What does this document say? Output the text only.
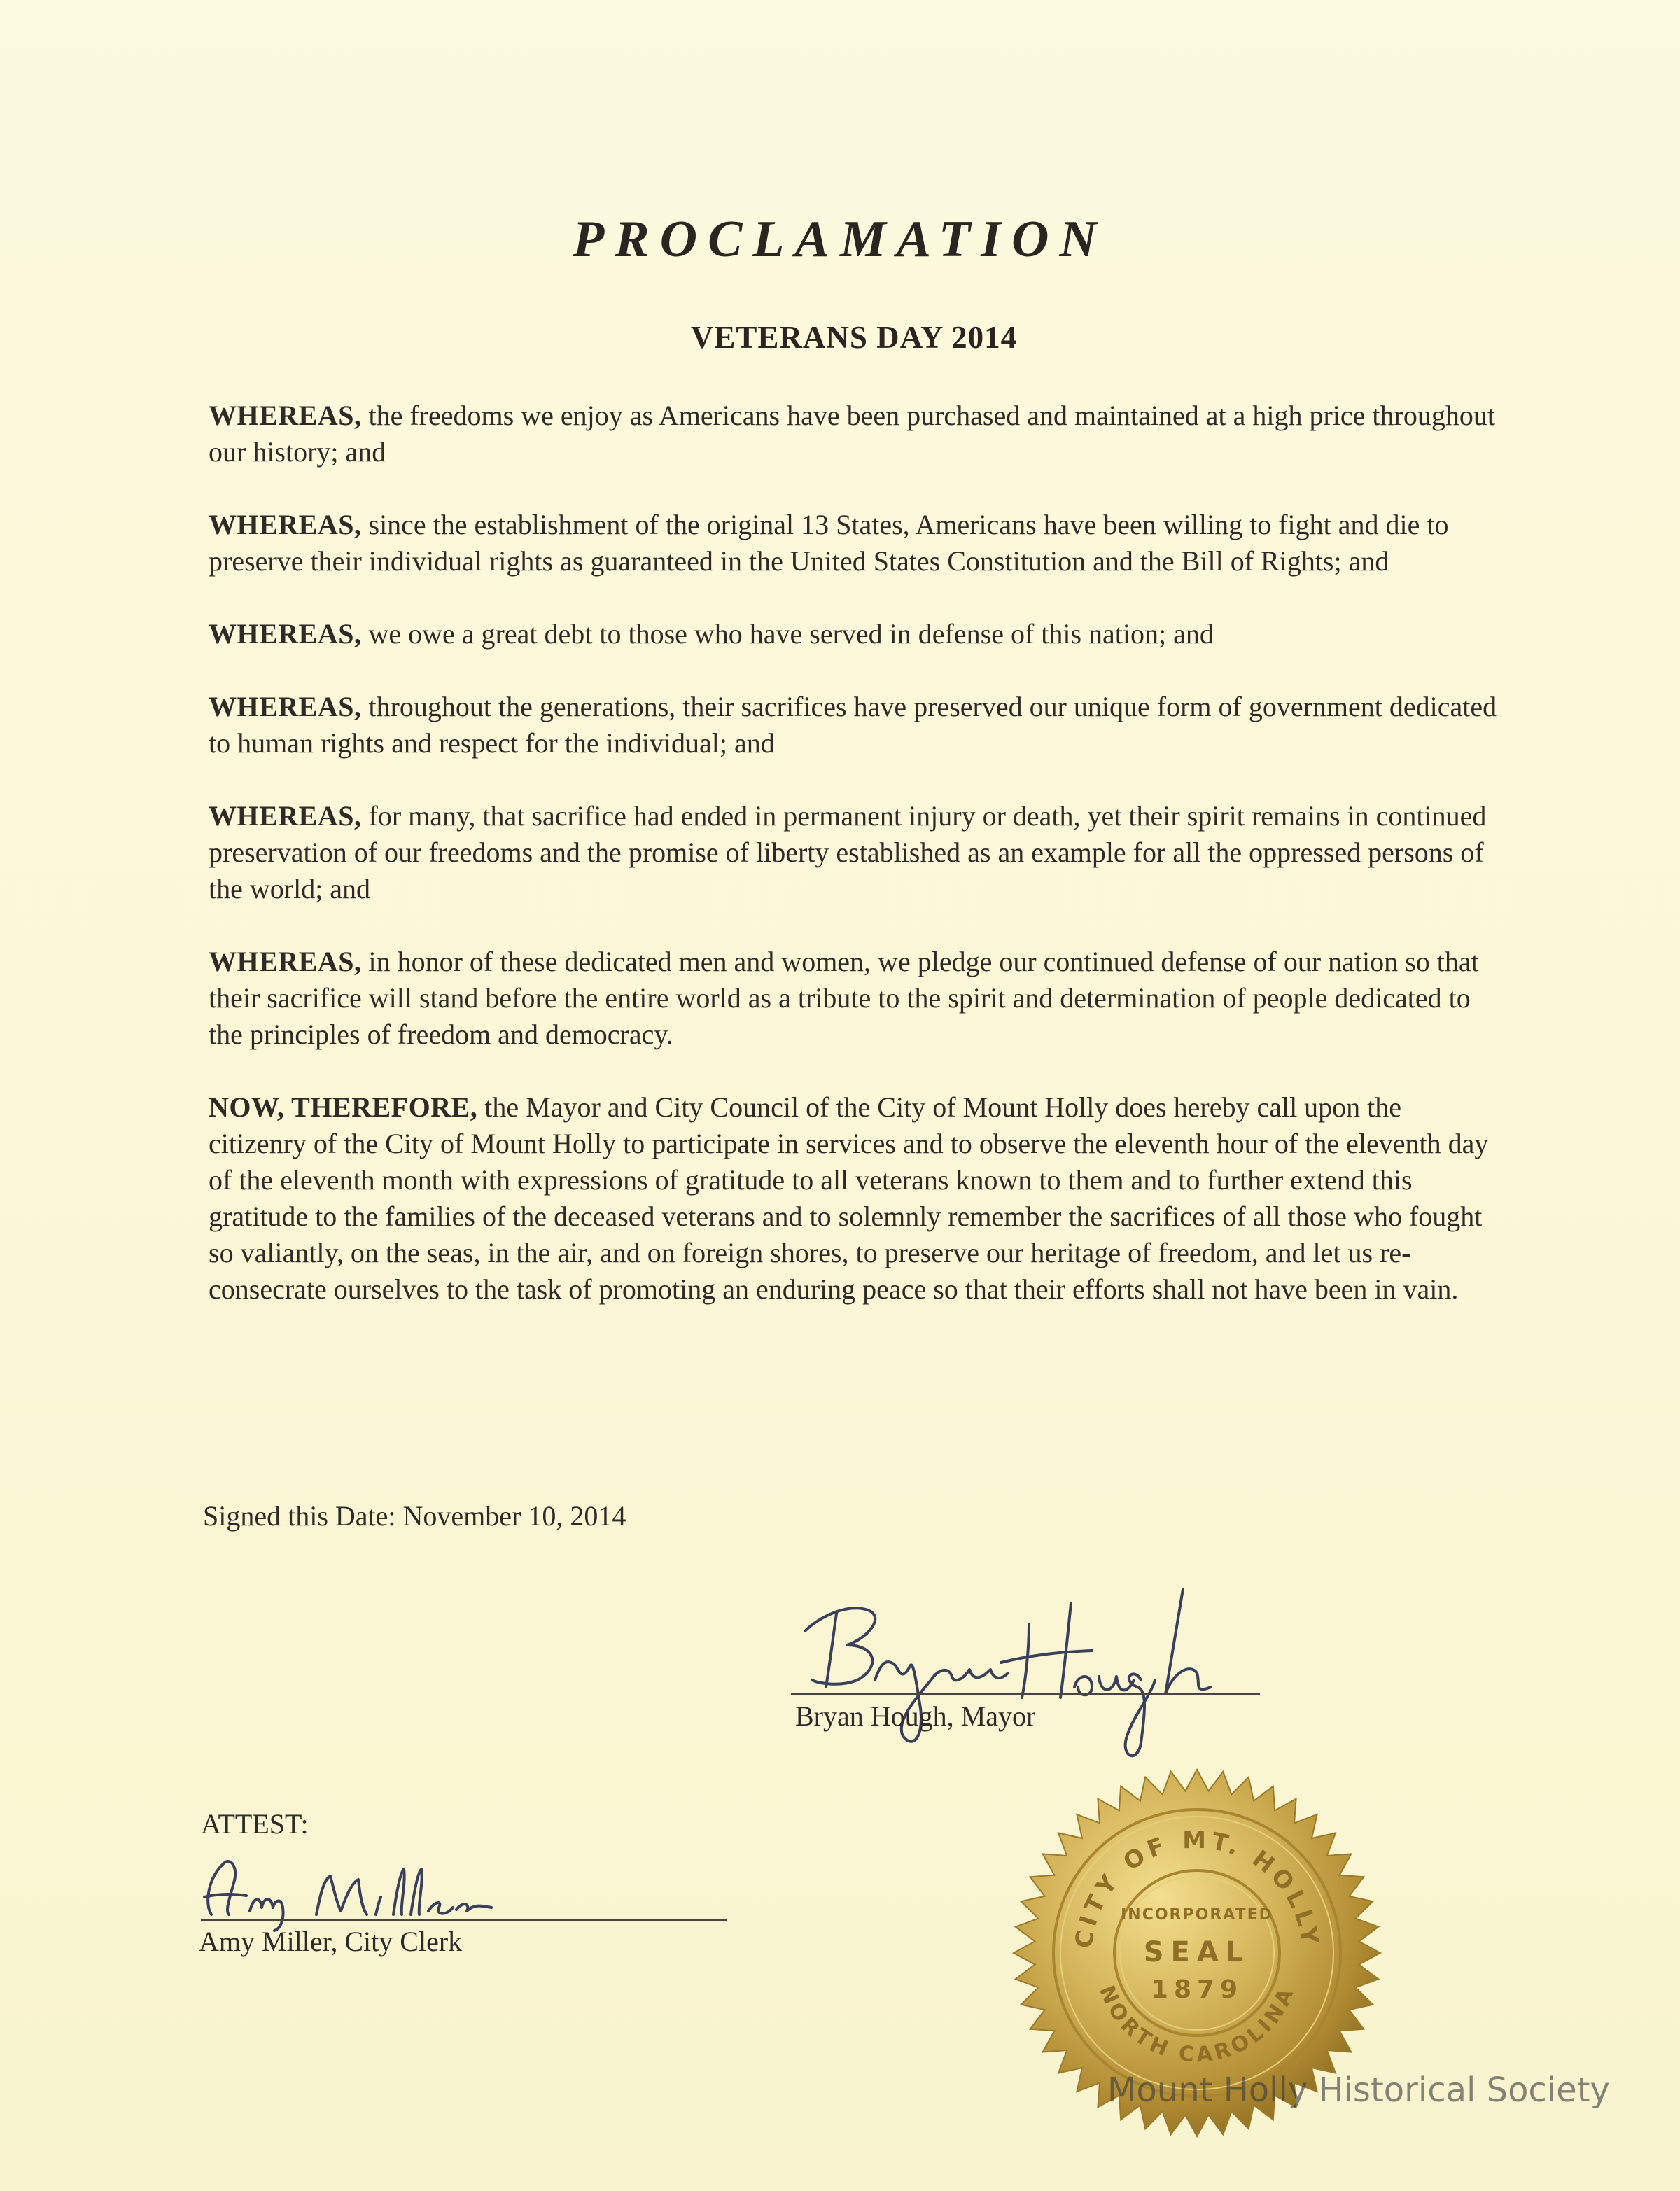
PROCLAMATION
VETERANS DAY 2014

WHEREAS, the freedoms we enjoy as Americans have been purchased and maintained at a high price throughout our history; and

WHEREAS, since the establishment of the original 13 States, Americans have been willing to fight and die to preserve their individual rights as guaranteed in the United States Constitution and the Bill of Rights; and

WHEREAS, we owe a great debt to those who have served in defense of this nation; and

WHEREAS, throughout the generations, their sacrifices have preserved our unique form of government dedicated to human rights and respect for the individual; and

WHEREAS, for many, that sacrifice had ended in permanent injury or death, yet their spirit remains in continued preservation of our freedoms and the promise of liberty established as an example for all the oppressed persons of the world; and

WHEREAS, in honor of these dedicated men and women, we pledge our continued defense of our nation so that their sacrifice will stand before the entire world as a tribute to the spirit and determination of people dedicated to the principles of freedom and democracy.

NOW, THEREFORE, the Mayor and City Council of the City of Mount Holly does hereby call upon the citizenry of the City of Mount Holly to participate in services and to observe the eleventh hour of the eleventh day of the eleventh month with expressions of gratitude to all veterans known to them and to further extend this gratitude to the families of the deceased veterans and to solemnly remember the sacrifices of all those who fought so valiantly, on the seas, in the air, and on foreign shores, to preserve our heritage of freedom, and let us re-consecrate ourselves to the task of promoting an enduring peace so that their efforts shall not have been in vain.

Signed this Date: November 10, 2014
Bryan Hough, Mayor
ATTEST:
Amy Miller, City Clerk	CITY OF MT. HOLLY
NORTH CAROLINA
INCORPORATED
SEAL
1879
Mount Holly Historical Society
